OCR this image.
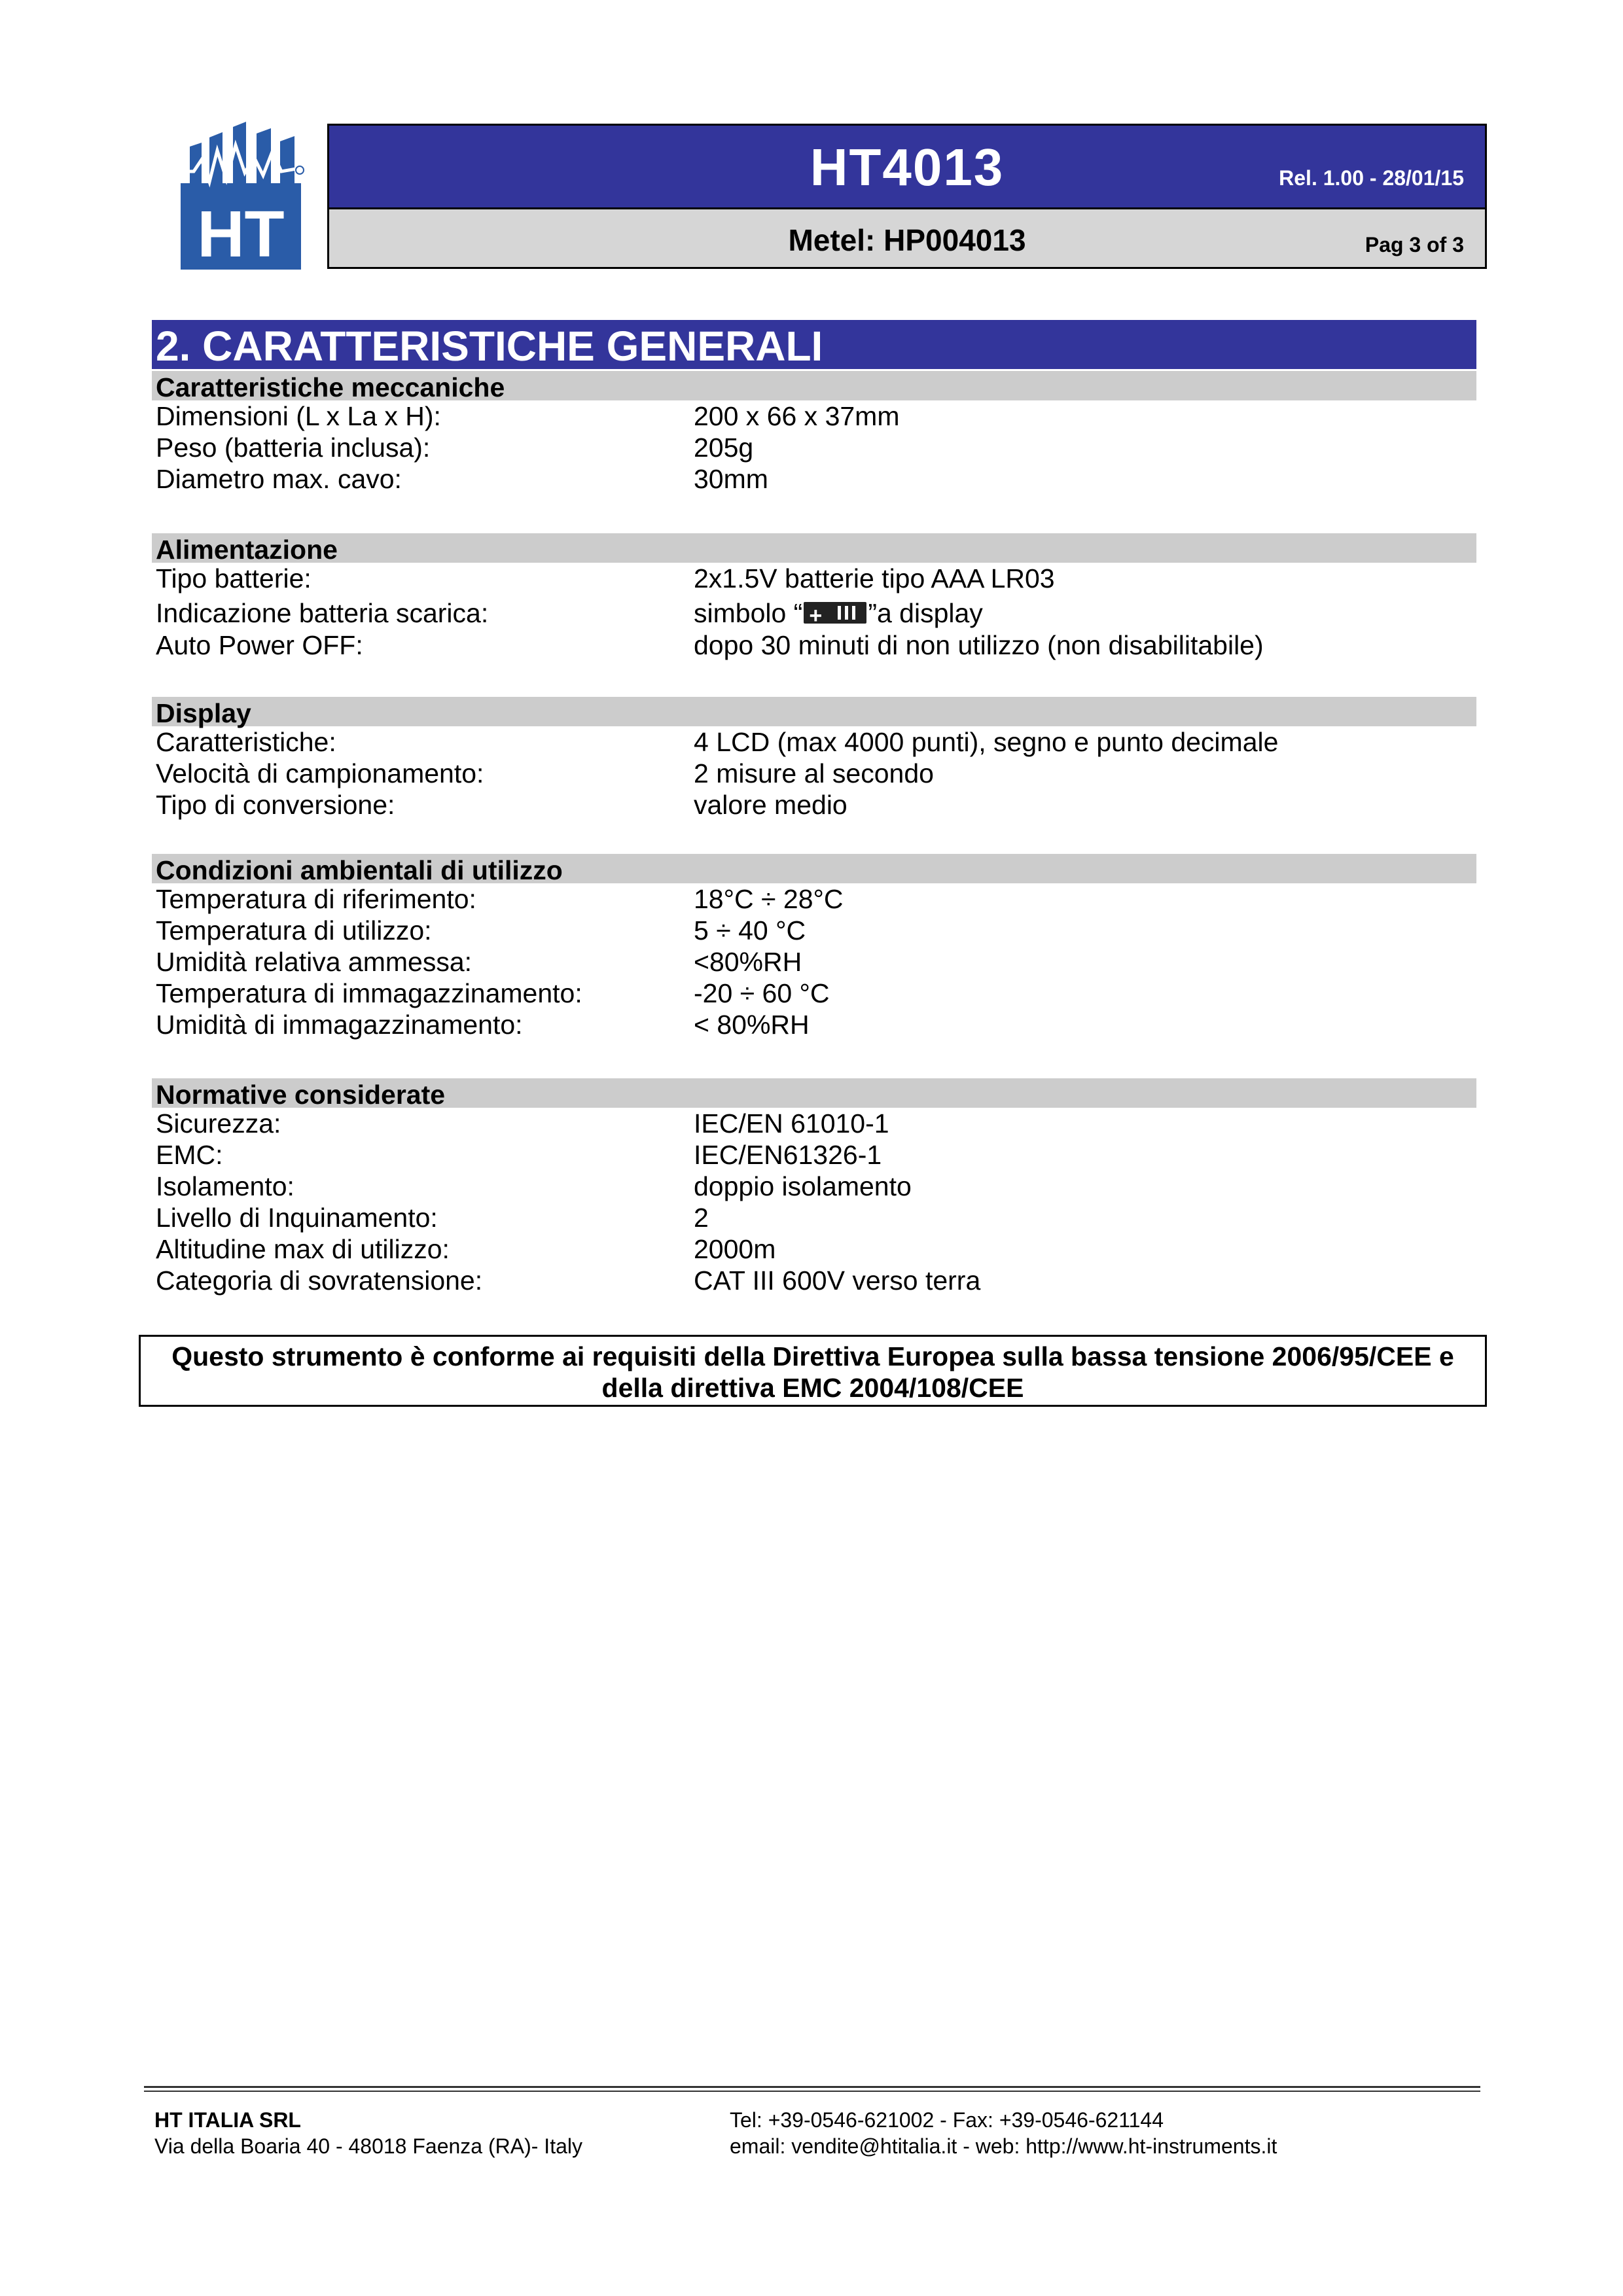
HT
HT4013	Rel. 1.00 - 28/01/15
Metel: HP004013	Pag 3 of 3
2. CARATTERISTICHE GENERALI
Caratteristiche meccaniche
Dimensioni (L x La x H):	200 x 66 x 37mm
Peso (batteria inclusa):	205g
Diametro max. cavo:	30mm
Alimentazione
Tipo batterie:	2x1.5V batterie tipo AAA LR03
Indicazione batteria scarica:	simbolo “+ ”a display
Auto Power OFF:	dopo 30 minuti di non utilizzo (non disabilitabile)
Display
Caratteristiche:	4 LCD (max 4000 punti), segno e punto decimale
Velocità di campionamento:	2 misure al secondo
Tipo di conversione:	valore medio
Condizioni ambientali di utilizzo
Temperatura di riferimento:	18°C ÷ 28°C
Temperatura di utilizzo:	5 ÷ 40 °C
Umidità relativa ammessa:	<80%RH
Temperatura di immagazzinamento:	-20 ÷ 60 °C
Umidità di immagazzinamento:	< 80%RH
Normative considerate
Sicurezza:	IEC/EN 61010-1
EMC:	IEC/EN61326-1
Isolamento:	doppio isolamento
Livello di Inquinamento:	2
Altitudine max di utilizzo:	2000m
Categoria di sovratensione:	CAT III 600V verso terra
Questo strumento è conforme ai requisiti della Direttiva Europea sulla bassa tensione 2006/95/CEE e
della direttiva EMC 2004/108/CEE
HT ITALIA SRL
Via della Boaria 40 - 48018 Faenza (RA)- Italy
Tel: +39-0546-621002 - Fax: +39-0546-621144
email: vendite@htitalia.it - web: http://www.ht-instruments.it
